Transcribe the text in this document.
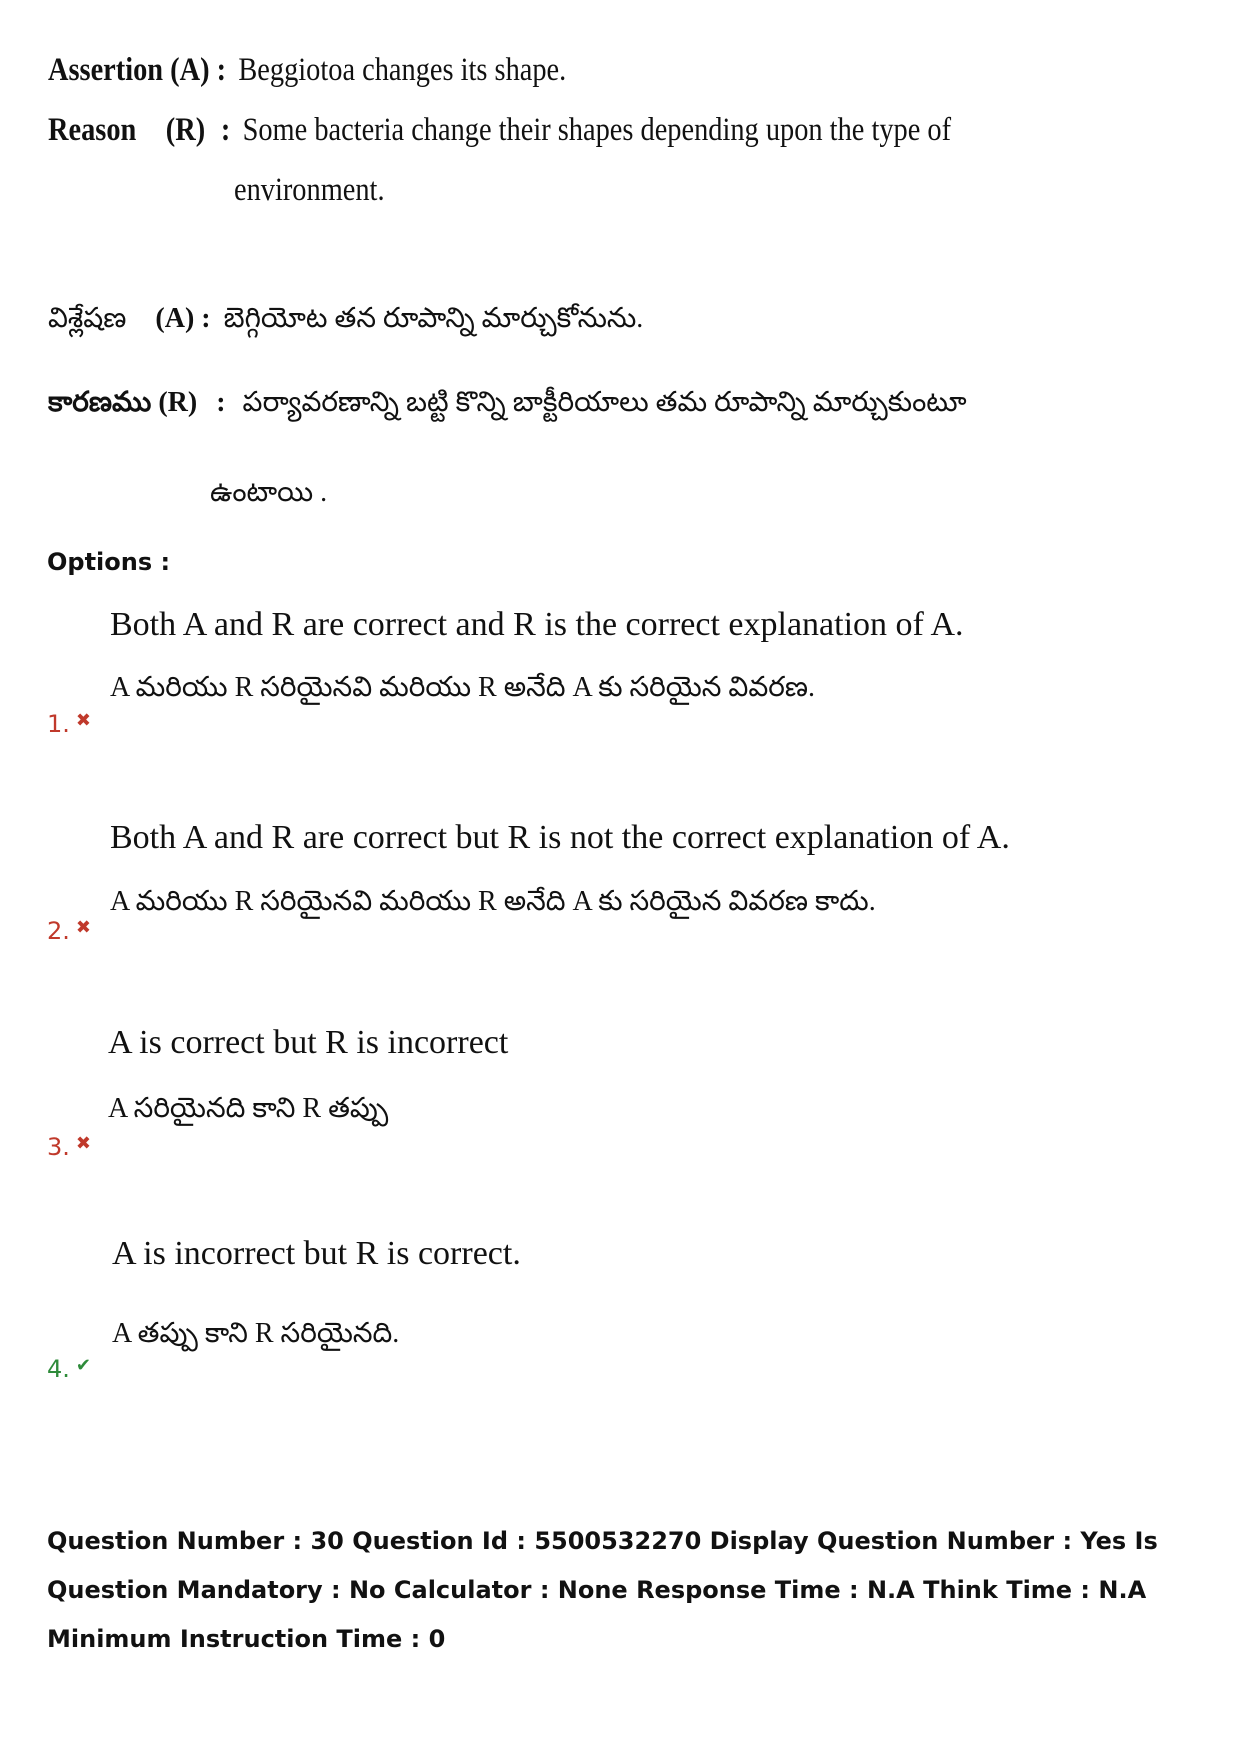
Assertion (A) : Beggiotoa changes its shape.
Reason (R) : Some bacteria change their shapes depending upon the type of
environment.
విశ్లేషణ (A) : బెగ్గియోట తన రూపాన్ని మార్చుకోనును.
కారణము (R) : పర్యావరణాన్ని బట్టి కొన్ని బాక్టీరియాలు తమ రూపాన్ని మార్చుకుంటూ
ఉంటాయి .
Options :
Both A and R are correct and R is the correct explanation of A.
A మరియు R సరియైనవి మరియు R అనేది A కు సరియైన వివరణ.
1. ✖
Both A and R are correct but R is not the correct explanation of A.
A మరియు R సరియైనవి మరియు R అనేది A కు సరియైన వివరణ కాదు.
2. ✖
A is correct but R is incorrect
A సరియైనది కాని R తప్పు
3. ✖
A is incorrect but R is correct.
A తప్పు కాని R సరియైనది.
4. ✔
Question Number : 30 Question Id : 5500532270 Display Question Number : Yes Is Question Mandatory : No Calculator : None Response Time : N.A Think Time : N.A Minimum Instruction Time : 0
